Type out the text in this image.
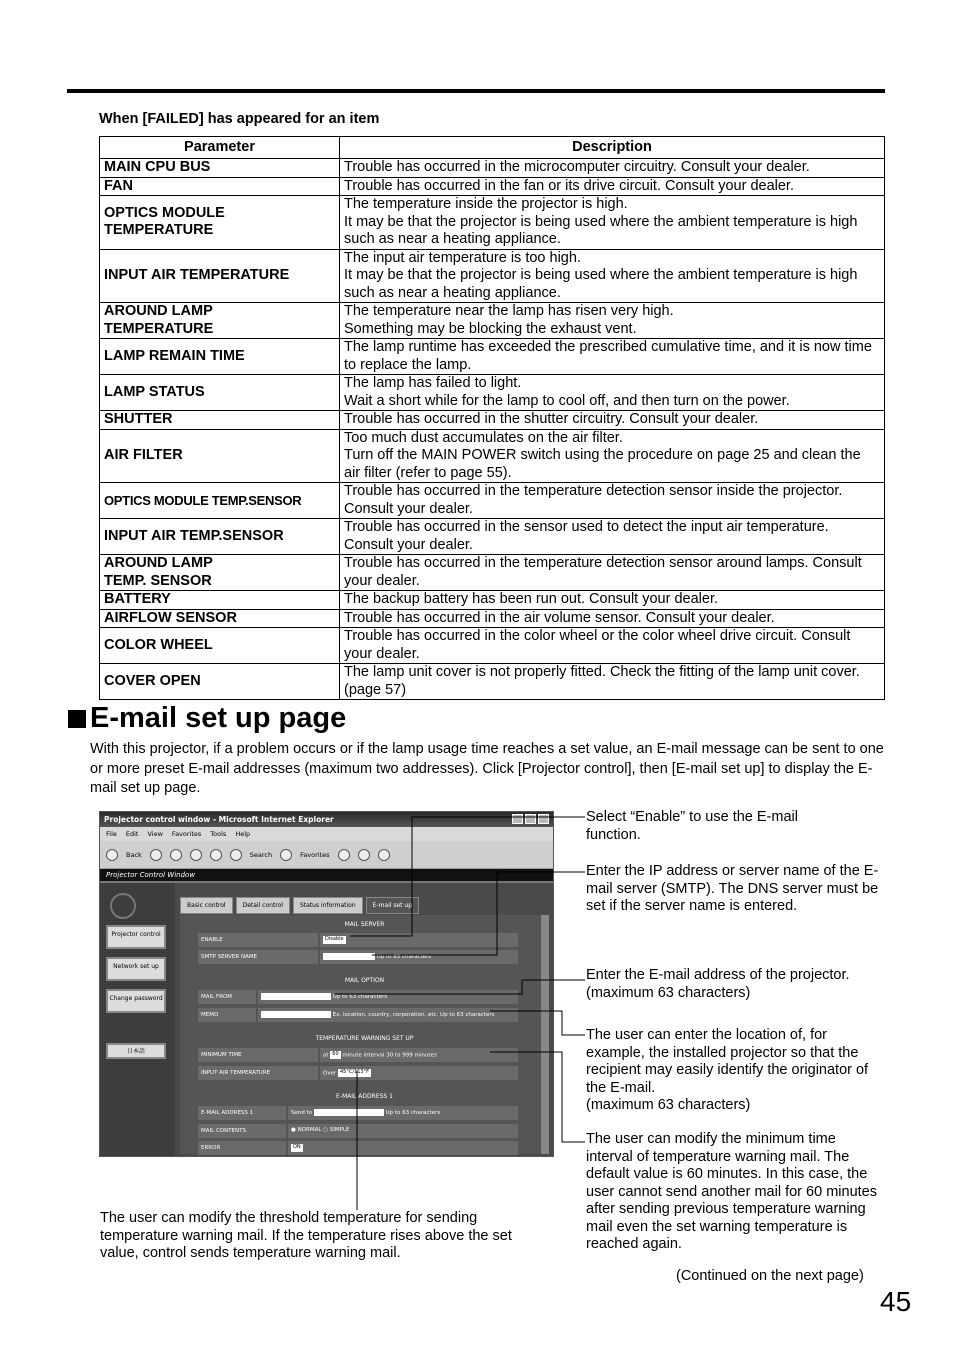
When [FAILED] has appeared for an item
Parameter	Description
MAIN CPU BUS	Trouble has occurred in the microcomputer circuitry. Consult your dealer.
FAN	Trouble has occurred in the fan or its drive circuit. Consult your dealer.
OPTICS MODULE
TEMPERATURE	The temperature inside the projector is high.
It may be that the projector is being used where the ambient temperature is high such as near a heating appliance.
INPUT AIR TEMPERATURE	The input air temperature is too high.
It may be that the projector is being used where the ambient temperature is high such as near a heating appliance.
AROUND LAMP
TEMPERATURE	The temperature near the lamp has risen very high.
Something may be blocking the exhaust vent.
LAMP REMAIN TIME	The lamp runtime has exceeded the prescribed cumulative time, and it is now time to replace the lamp.
LAMP STATUS	The lamp has failed to light.
Wait a short while for the lamp to cool off, and then turn on the power.
SHUTTER	Trouble has occurred in the shutter circuitry. Consult your dealer.
AIR FILTER	Too much dust accumulates on the air filter.
Turn off the MAIN POWER switch using the procedure on page 25 and clean the air filter (refer to page 55).
OPTICS MODULE TEMP.SENSOR	Trouble has occurred in the temperature detection sensor inside the projector. Consult your dealer.
INPUT AIR TEMP.SENSOR	Trouble has occurred in the sensor used to detect the input air temperature. Consult your dealer.
AROUND LAMP
TEMP. SENSOR	Trouble has occurred in the temperature detection sensor around lamps. Consult your dealer.
BATTERY	The backup battery has been run out. Consult your dealer.
AIRFLOW SENSOR	Trouble has occurred in the air volume sensor. Consult your dealer.
COLOR WHEEL	Trouble has occurred in the color wheel or the color wheel drive circuit. Consult your dealer.
COVER OPEN	The lamp unit cover is not properly fitted. Check the fitting of the lamp unit cover. (page 57)
E-mail set up page
With this projector, if a problem occurs or if the lamp usage time reaches a set value, an E-mail message can be sent to one or more preset E-mail addresses (maximum two addresses). Click [Projector control], then [E-mail set up] to display the E-mail set up page.
Projector control window - Microsoft Internet Explorer
File Edit View Favorites Tools Help
Back	Search	Favorites
Projector Control Window
Projector control
Network set up
Change password
日本語
Basic control	Detail control	Status information	E-mail set up
MAIL SERVER
ENABLE	Disable
SMTP SERVER NAME	Up to 63 characters
MAIL OPTION
MAIL FROM	Up to 63 characters
MEMO	Ex. location, country, corporation, etc. Up to 63 characters
TEMPERATURE WARNING SET UP
MINIMUM TIME	at 60 minute interval 30 to 999 minutes
INPUT AIR TEMPERATURE	Over 45°C/113°F
E-MAIL ADDRESS 1
E-MAIL ADDRESS 1	Send to	Up to 63 characters
MAIL CONTENTS	● NORMAL ○ SIMPLE
ERROR	ON
Select “Enable” to use the E-mail function.
Enter the IP address or server name of the E-mail server (SMTP). The DNS server must be set if the server name is entered.
Enter the E-mail address of the projector. (maximum 63 characters)
The user can enter the location of, for example, the installed projector so that the recipient may easily identify the originator of the E-mail.
(maximum 63 characters)
The user can modify the minimum time interval of temperature warning mail. The default value is 60 minutes. In this case, the user cannot send another mail for 60 minutes after sending previous temperature warning mail even the set warning temperature is reached again.
The user can modify the threshold temperature for sending temperature warning mail. If the temperature rises above the set value, control sends temperature warning mail.
(Continued on the next page)
45
